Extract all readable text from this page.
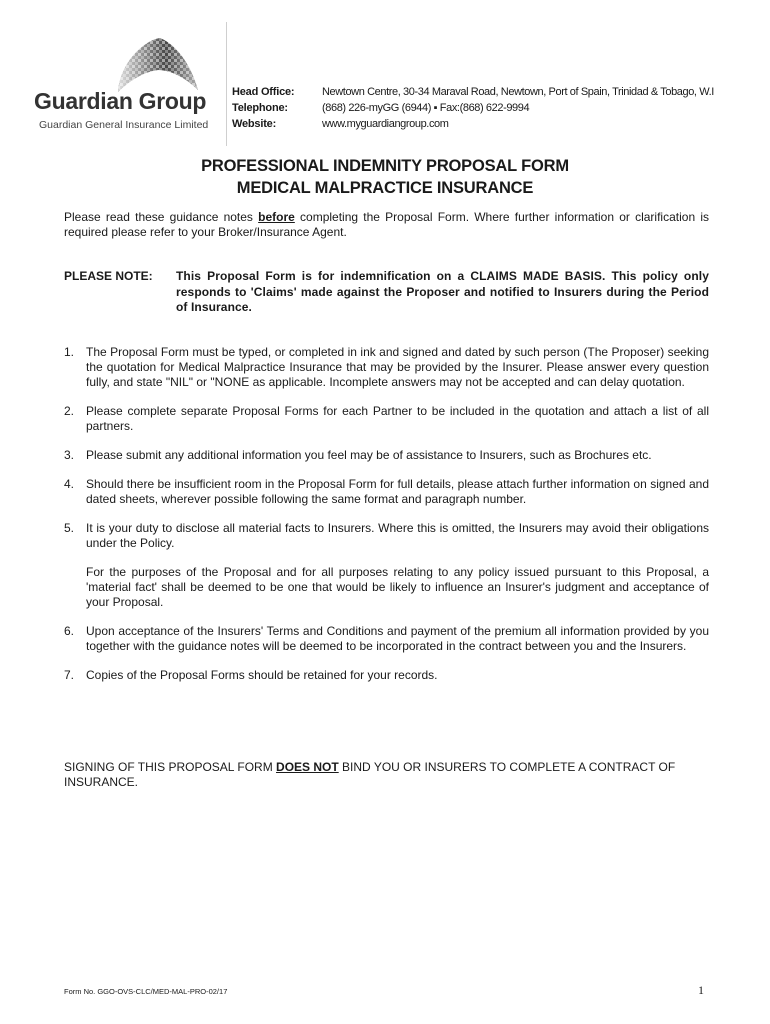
Guardian Group
Guardian General Insurance Limited
Head Office:	Newtown Centre, 30-34 Maraval Road, Newtown, Port of Spain, Trinidad & Tobago, W.I
Telephone:	(868) 226-myGG (6944) ▪ Fax:(868) 622-9994
Website:	www.myguardiangroup.com
PROFESSIONAL INDEMNITY PROPOSAL FORM
MEDICAL MALPRACTICE INSURANCE
Please read these guidance notes before completing the Proposal Form. Where further information or clarification is required please refer to your Broker/Insurance Agent.
PLEASE NOTE: This Proposal Form is for indemnification on a CLAIMS MADE BASIS. This policy only responds to 'Claims' made against the Proposer and notified to Insurers during the Period of Insurance.
1. The Proposal Form must be typed, or completed in ink and signed and dated by such person (The Proposer) seeking the quotation for Medical Malpractice Insurance that may be provided by the Insurer. Please answer every question fully, and state "NIL" or "NONE as applicable. Incomplete answers may not be accepted and can delay quotation.
2. Please complete separate Proposal Forms for each Partner to be included in the quotation and attach a list of all partners.
3. Please submit any additional information you feel may be of assistance to Insurers, such as Brochures etc.
4. Should there be insufficient room in the Proposal Form for full details, please attach further information on signed and dated sheets, wherever possible following the same format and paragraph number.
5. It is your duty to disclose all material facts to Insurers. Where this is omitted, the Insurers may avoid their obligations under the Policy.
For the purposes of the Proposal and for all purposes relating to any policy issued pursuant to this Proposal, a 'material fact' shall be deemed to be one that would be likely to influence an Insurer's judgment and acceptance of your Proposal.
6. Upon acceptance of the Insurers' Terms and Conditions and payment of the premium all information provided by you together with the guidance notes will be deemed to be incorporated in the contract between you and the Insurers.
7. Copies of the Proposal Forms should be retained for your records.
SIGNING OF THIS PROPOSAL FORM DOES NOT BIND YOU OR INSURERS TO COMPLETE A CONTRACT OF INSURANCE.
Form No. GGO-OVS-CLC/MED-MAL-PRO-02/17	1
